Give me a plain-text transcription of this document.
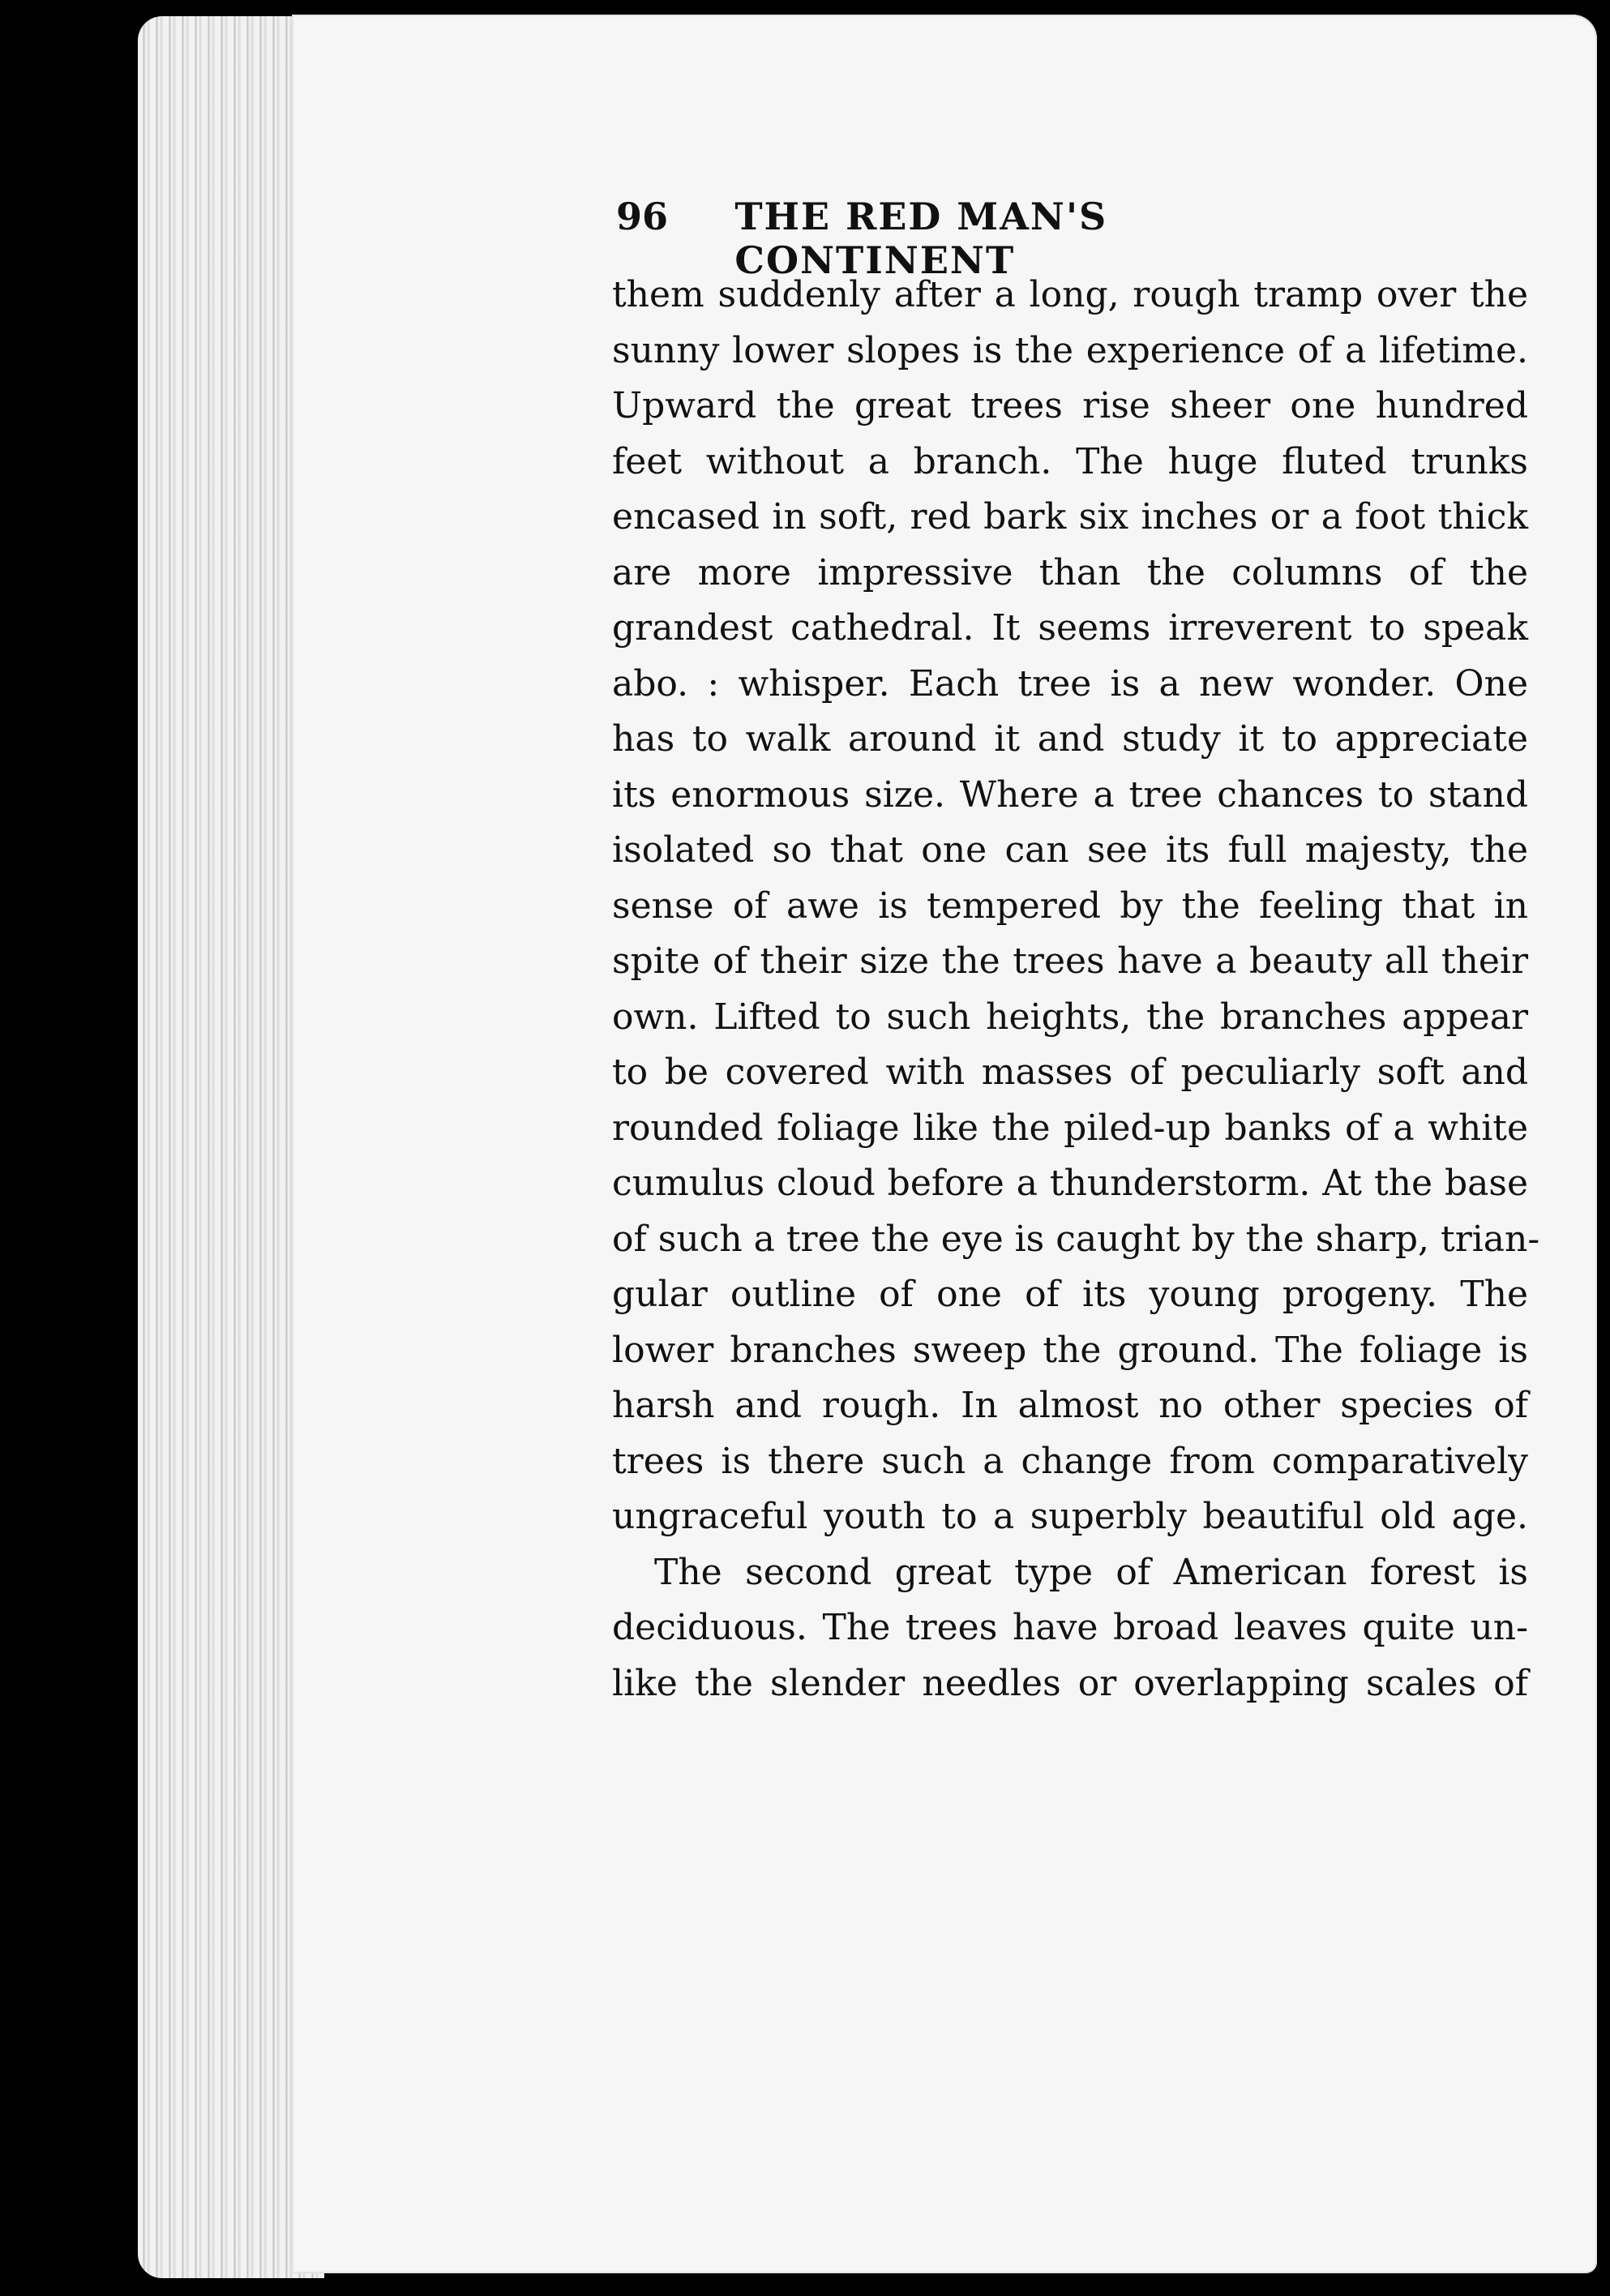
96	THE RED MAN'S CONTINENT
them suddenly after a long, rough tramp over the
sunny lower slopes is the experience of a lifetime.
Upward the great trees rise sheer one hundred
feet without a branch. The huge fluted trunks
encased in soft, red bark six inches or a foot thick
are more impressive than the columns of the
grandest cathedral. It seems irreverent to speak
abo. : whisper. Each tree is a new wonder. One
has to walk around it and study it to appreciate
its enormous size. Where a tree chances to stand
isolated so that one can see its full majesty, the
sense of awe is tempered by the feeling that in
spite of their size the trees have a beauty all their
own. Lifted to such heights, the branches appear
to be covered with masses of peculiarly soft and
rounded foliage like the piled-up banks of a white
cumulus cloud before a thunderstorm. At the base
of such a tree the eye is caught by the sharp, trian-
gular outline of one of its young progeny. The
lower branches sweep the ground. The foliage is
harsh and rough. In almost no other species of
trees is there such a change from comparatively
ungraceful youth to a superbly beautiful old age.
The second great type of American forest is
deciduous. The trees have broad leaves quite un-
like the slender needles or overlapping scales of
